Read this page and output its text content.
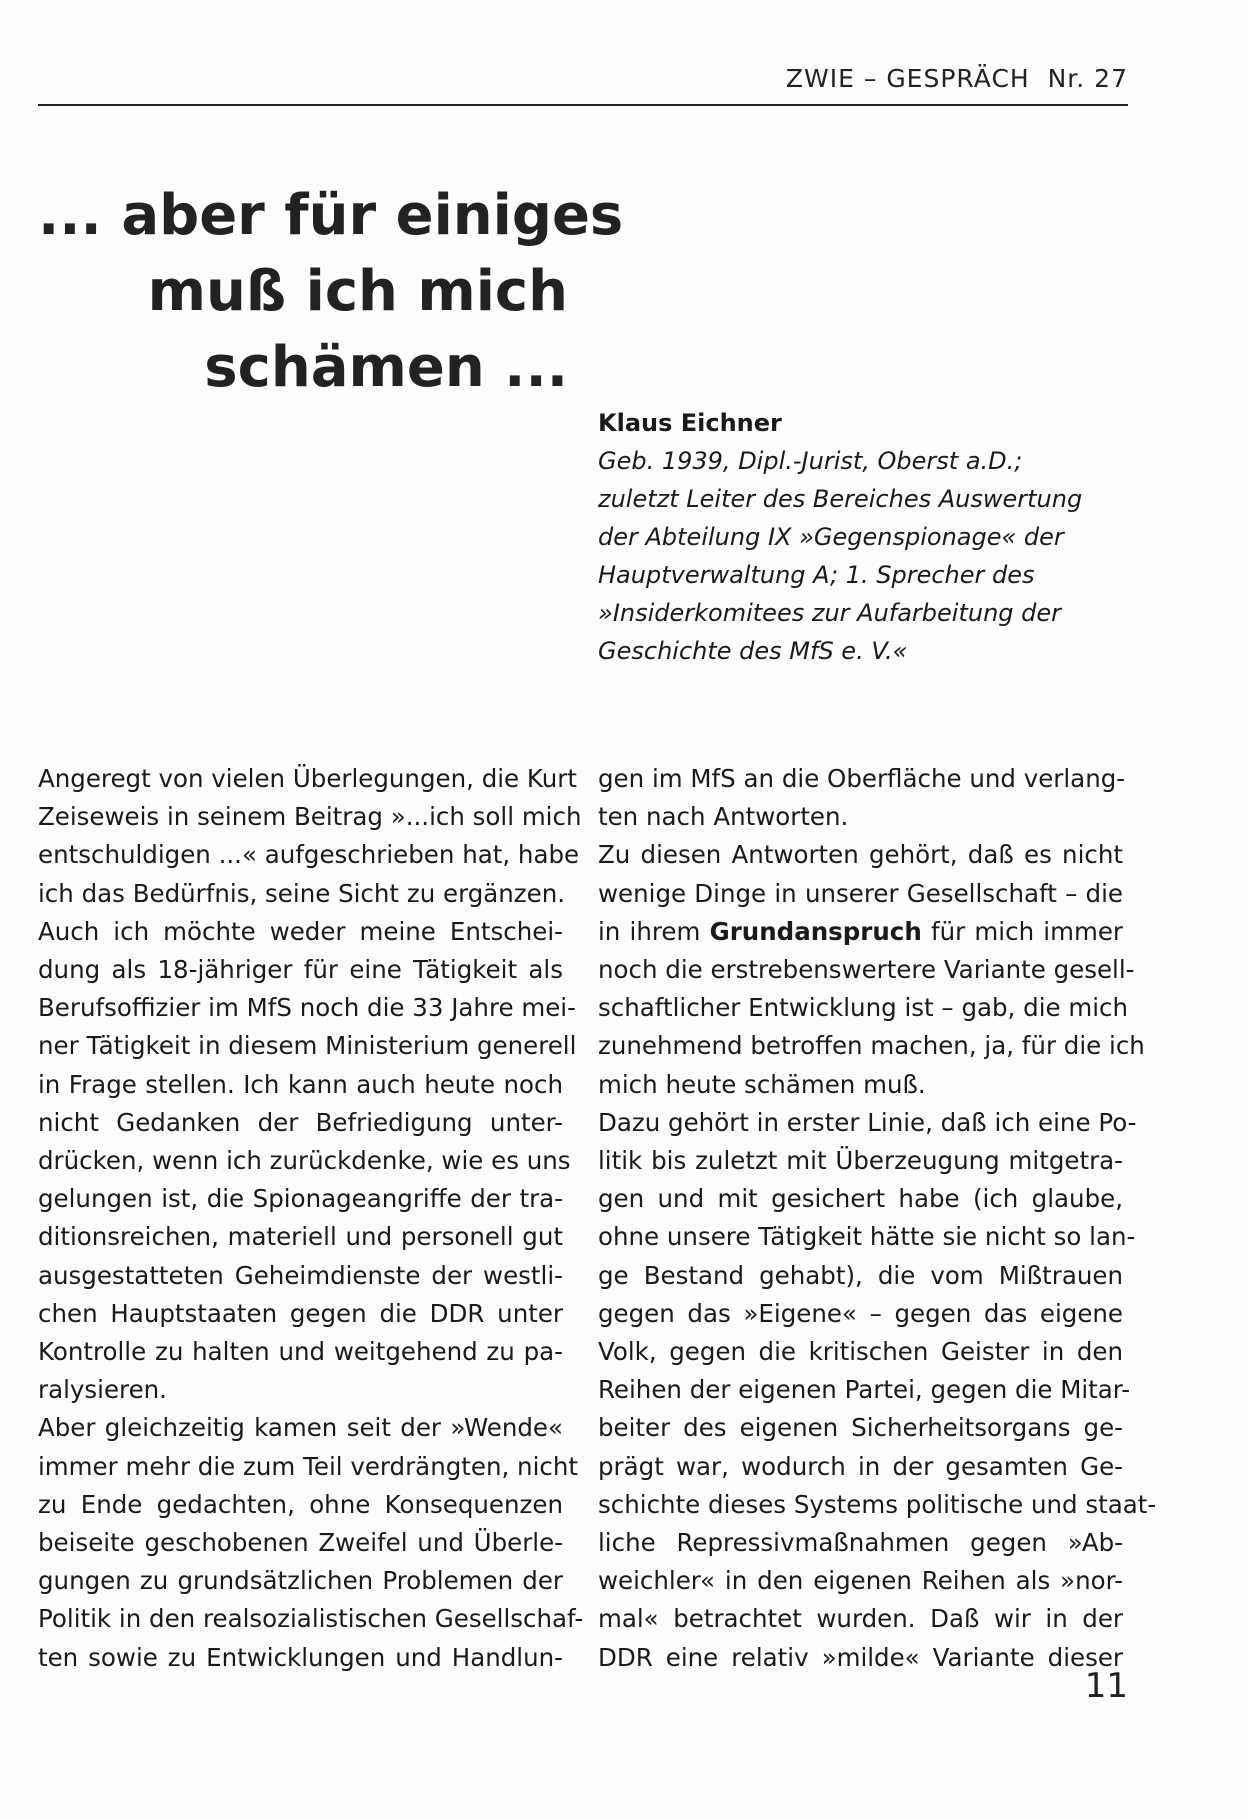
ZWIE – GESPRÄCH  Nr. 27
... aber für einiges
muß ich mich
schämen ...
Klaus Eichner
Geb. 1939, Dipl.-Jurist, Oberst a.D.;
zuletzt Leiter des Bereiches Auswertung
der Abteilung IX »Gegenspionage« der
Hauptverwaltung A; 1. Sprecher des
»Insiderkomitees zur Aufarbeitung der
Geschichte des MfS e. V.«
Angeregt von vielen Überlegungen, die Kurt
Zeiseweis in seinem Beitrag »...ich soll mich
entschuldigen ...« aufgeschrieben hat, habe
ich das Bedürfnis, seine Sicht zu ergänzen.
Auch ich möchte weder meine Entschei-
dung als 18-jähriger für eine Tätigkeit als
Berufsoffizier im MfS noch die 33 Jahre mei-
ner Tätigkeit in diesem Ministerium generell
in Frage stellen. Ich kann auch heute noch
nicht Gedanken der Befriedigung unter-
drücken, wenn ich zurückdenke, wie es uns
gelungen ist, die Spionageangriffe der tra-
ditionsreichen, materiell und personell gut
ausgestatteten Geheimdienste der westli-
chen Hauptstaaten gegen die DDR unter
Kontrolle zu halten und weitgehend zu pa-
ralysieren.
Aber gleichzeitig kamen seit der »Wende«
immer mehr die zum Teil verdrängten, nicht
zu Ende gedachten, ohne Konsequenzen
beiseite geschobenen Zweifel und Überle-
gungen zu grundsätzlichen Problemen der
Politik in den realsozialistischen Gesellschaf-
ten sowie zu Entwicklungen und Handlun-
gen im MfS an die Oberfläche und verlang-
ten nach Antworten.
Zu diesen Antworten gehört, daß es nicht
wenige Dinge in unserer Gesellschaft – die
in ihrem Grundanspruch für mich immer
noch die erstrebenswertere Variante gesell-
schaftlicher Entwicklung ist – gab, die mich
zunehmend betroffen machen, ja, für die ich
mich heute schämen muß.
Dazu gehört in erster Linie, daß ich eine Po-
litik bis zuletzt mit Überzeugung mitgetra-
gen und mit gesichert habe (ich glaube,
ohne unsere Tätigkeit hätte sie nicht so lan-
ge Bestand gehabt), die vom Mißtrauen
gegen das »Eigene« – gegen das eigene
Volk, gegen die kritischen Geister in den
Reihen der eigenen Partei, gegen die Mitar-
beiter des eigenen Sicherheitsorgans ge-
prägt war, wodurch in der gesamten Ge-
schichte dieses Systems politische und staat-
liche Repressivmaßnahmen gegen »Ab-
weichler« in den eigenen Reihen als »nor-
mal« betrachtet wurden. Daß wir in der
DDR eine relativ »milde« Variante dieser
11
